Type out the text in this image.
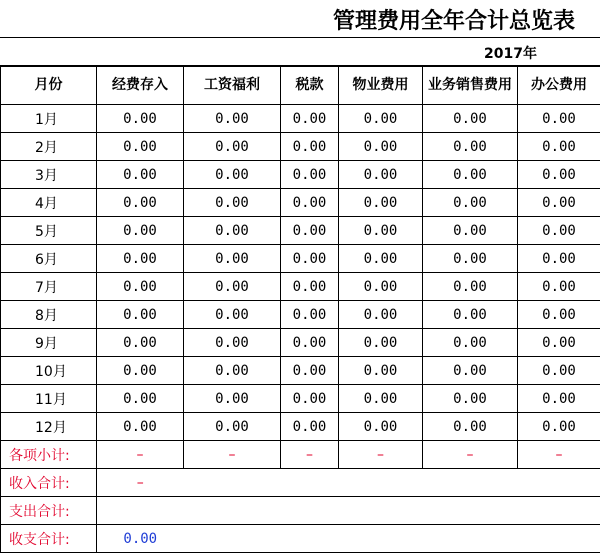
管理费用全年合计总览表
2017年
月份	经费存入	工资福利	税款	物业费用	业务销售费用	办公费用	
1月	0.00	0.00	0.00	0.00	0.00	0.00	
2月	0.00	0.00	0.00	0.00	0.00	0.00	
3月	0.00	0.00	0.00	0.00	0.00	0.00	
4月	0.00	0.00	0.00	0.00	0.00	0.00	
5月	0.00	0.00	0.00	0.00	0.00	0.00	
6月	0.00	0.00	0.00	0.00	0.00	0.00	
7月	0.00	0.00	0.00	0.00	0.00	0.00	
8月	0.00	0.00	0.00	0.00	0.00	0.00	
9月	0.00	0.00	0.00	0.00	0.00	0.00	
10月	0.00	0.00	0.00	0.00	0.00	0.00	
11月	0.00	0.00	0.00	0.00	0.00	0.00	
12月	0.00	0.00	0.00	0.00	0.00	0.00	
各项小计:	–	–	–	–	–	–	
收入合计:	–						
支出合计:							
收支合计:	0.00						
